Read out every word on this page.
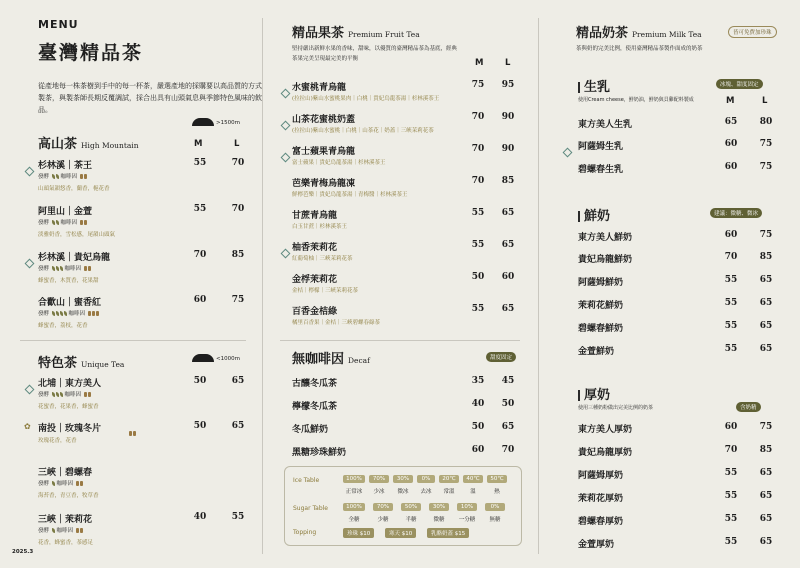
MENU
臺灣精品茶
從產地每一株茶樹到手中的每一杯茶，嚴選產地的採購要以高品質的方式製茶，與製茶師長期反覆調試，採合出具有山頭氣息與季節特色風味的飲品。
高山茶 High Mountain
>1500m
M	L
杉林溪｜茶王
發酵  咖啡因
山頭氣韻悠香，蘭香，梔花香
55	70
阿里山｜金萱
發酵  咖啡因
淡雅奶香，雪松感，尾韻山頭氣
55	70
杉林溪｜貴妃烏龍
發酵	咖啡因
蜂蜜香，木質香，花果甜
70	85
合歡山｜蜜香紅
發酵	咖啡因
蜂蜜香，荔枝，花香
60	75
特色茶 Unique Tea
<1000m
北埔｜東方美人
發酵	咖啡因
花蜜香，花果香，蜂蜜香
50	65
✿ 南投｜玫瑰冬片
玫瑰花香，花香
50	65
三峽｜碧螺春
發酵  咖啡因
海苔香，青豆香，牧草香
三峽｜茉莉花
發酵  咖啡因
花香，蜂蜜香，茶感足
40	55
2025.3
精品果茶 Premium Fruit Tea
堅持嚴出新鮮水果的香味，甜味，以優質的臺灣精品茶為基底，經典茶果完美呈現最完美的平衡	M	L
水蜜桃青烏龍
(拉拉山)紫山水蜜桃果肉｜白桃｜貴妃烏龍茶湯｜杉林溪茶王
75	95
山茶花蜜桃奶蓋
(拉拉山)紫山水蜜桃｜白桃｜山茶花｜奶蓋｜三峽茉莉花茶
70	90
富士蘋果青烏龍
富士蘋果｜貴妃烏龍茶湯｜杉林溪茶王
70	90
芭樂青梅烏龍凍
鮮檸芭樂｜貴妃烏龍茶湯｜青梅醬｜杉林溪茶王
70	85
甘蔗青烏龍
白玉甘蔗｜杉林溪茶王
55	65
柚香茉莉花
紅葡萄柚｜三峽茉莉花茶
55	65
金桴茉莉花
金桔｜檸檬｜三峽茉莉花茶
50	60
百香金桔綠
橘里百香果｜金桔｜三峽碧螺春綠茶
55	65
無咖啡因 Decaf	甜度固定
古釀冬瓜茶	35	45
檸檬冬瓜茶	40	50
冬瓜鮮奶	50	65
黑糖珍珠鮮奶	60	70
Ice Table
Sugar Table
Topping
100%
正常冰
70%
少冰
30%
微冰
0%
去冰
20℃
常溫
40℃
溫
50℃
熱
100%
全糖
70%
少糖
50%
半糖
30%
微糖
10%
一分糖
0%
無糖
珍珠 $10	寒天 $10	乳酪奶蓋 $15
精品奶茶 Premium Milk Tea	皆可免費加珍珠
茶與奶的完美比例，使用臺灣精品茶製作面成的奶茶
生乳	冰塊、甜度固定
使用Cream cheese，鮮奶油，鮮奶與貝雞配料製成	M	L
東方美人生乳	65	80
阿薩姆生乳	60	75
碧螺春生乳	60	75
鮮奶	建議：微糖、微冰
東方美人鮮奶	60	75
貴妃烏龍鮮奶	70	85
阿薩姆鮮奶	55	65
茉莉花鮮奶	55	65
碧螺春鮮奶	55	65
金萱鮮奶	55	65
厚奶
含奶精
使用三種奶粉做出完美比例的奶茶
東方美人厚奶	60	75
貴妃烏龍厚奶	70	85
阿薩姆厚奶	55	65
茉莉花厚奶	55	65
碧螺春厚奶	55	65
金萱厚奶	55	65
